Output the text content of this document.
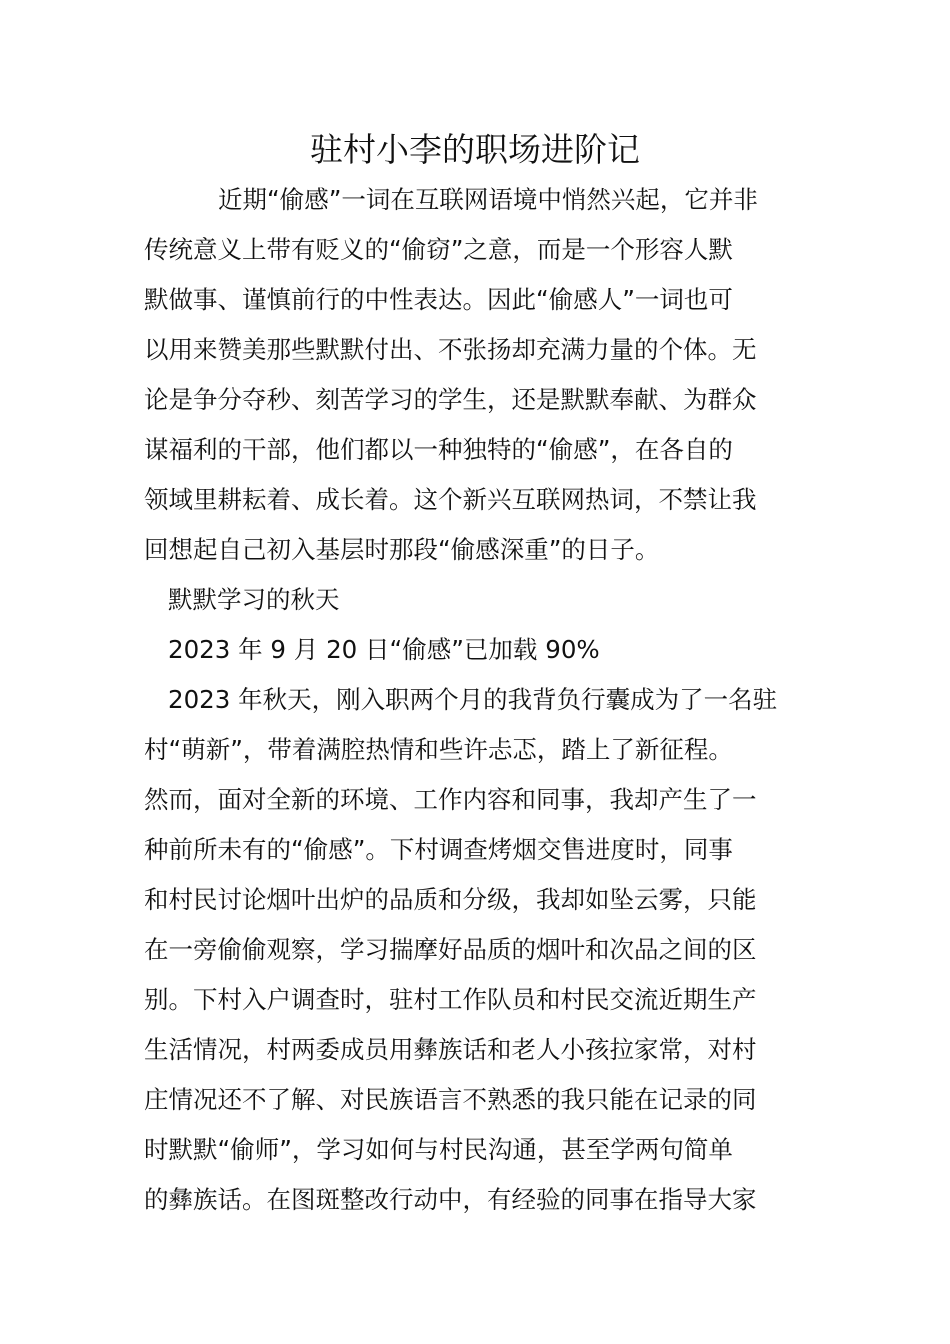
驻村小李的职场进阶记
近期“偷感”一词在互联网语境中悄然兴起，它并非
传统意义上带有贬义的“偷窃”之意，而是一个形容人默
默做事、谨慎前行的中性表达。因此“偷感人”一词也可
以用来赞美那些默默付出、不张扬却充满力量的个体。无
论是争分夺秒、刻苦学习的学生，还是默默奉献、为群众
谋福利的干部，他们都以一种独特的“偷感”，在各自的
领域里耕耘着、成长着。这个新兴互联网热词，不禁让我
回想起自己初入基层时那段“偷感深重”的日子。
默默学习的秋天
2023 年 9 月 20 日“偷感”已加载 90%
2023 年秋天，刚入职两个月的我背负行囊成为了一名驻
村“萌新”，带着满腔热情和些许忐忑，踏上了新征程。
然而，面对全新的环境、工作内容和同事，我却产生了一
种前所未有的“偷感”。下村调查烤烟交售进度时，同事
和村民讨论烟叶出炉的品质和分级，我却如坠云雾，只能
在一旁偷偷观察，学习揣摩好品质的烟叶和次品之间的区
别。下村入户调查时，驻村工作队员和村民交流近期生产
生活情况，村两委成员用彝族话和老人小孩拉家常，对村
庄情况还不了解、对民族语言不熟悉的我只能在记录的同
时默默“偷师”，学习如何与村民沟通，甚至学两句简单
的彝族话。在图斑整改行动中，有经验的同事在指导大家
